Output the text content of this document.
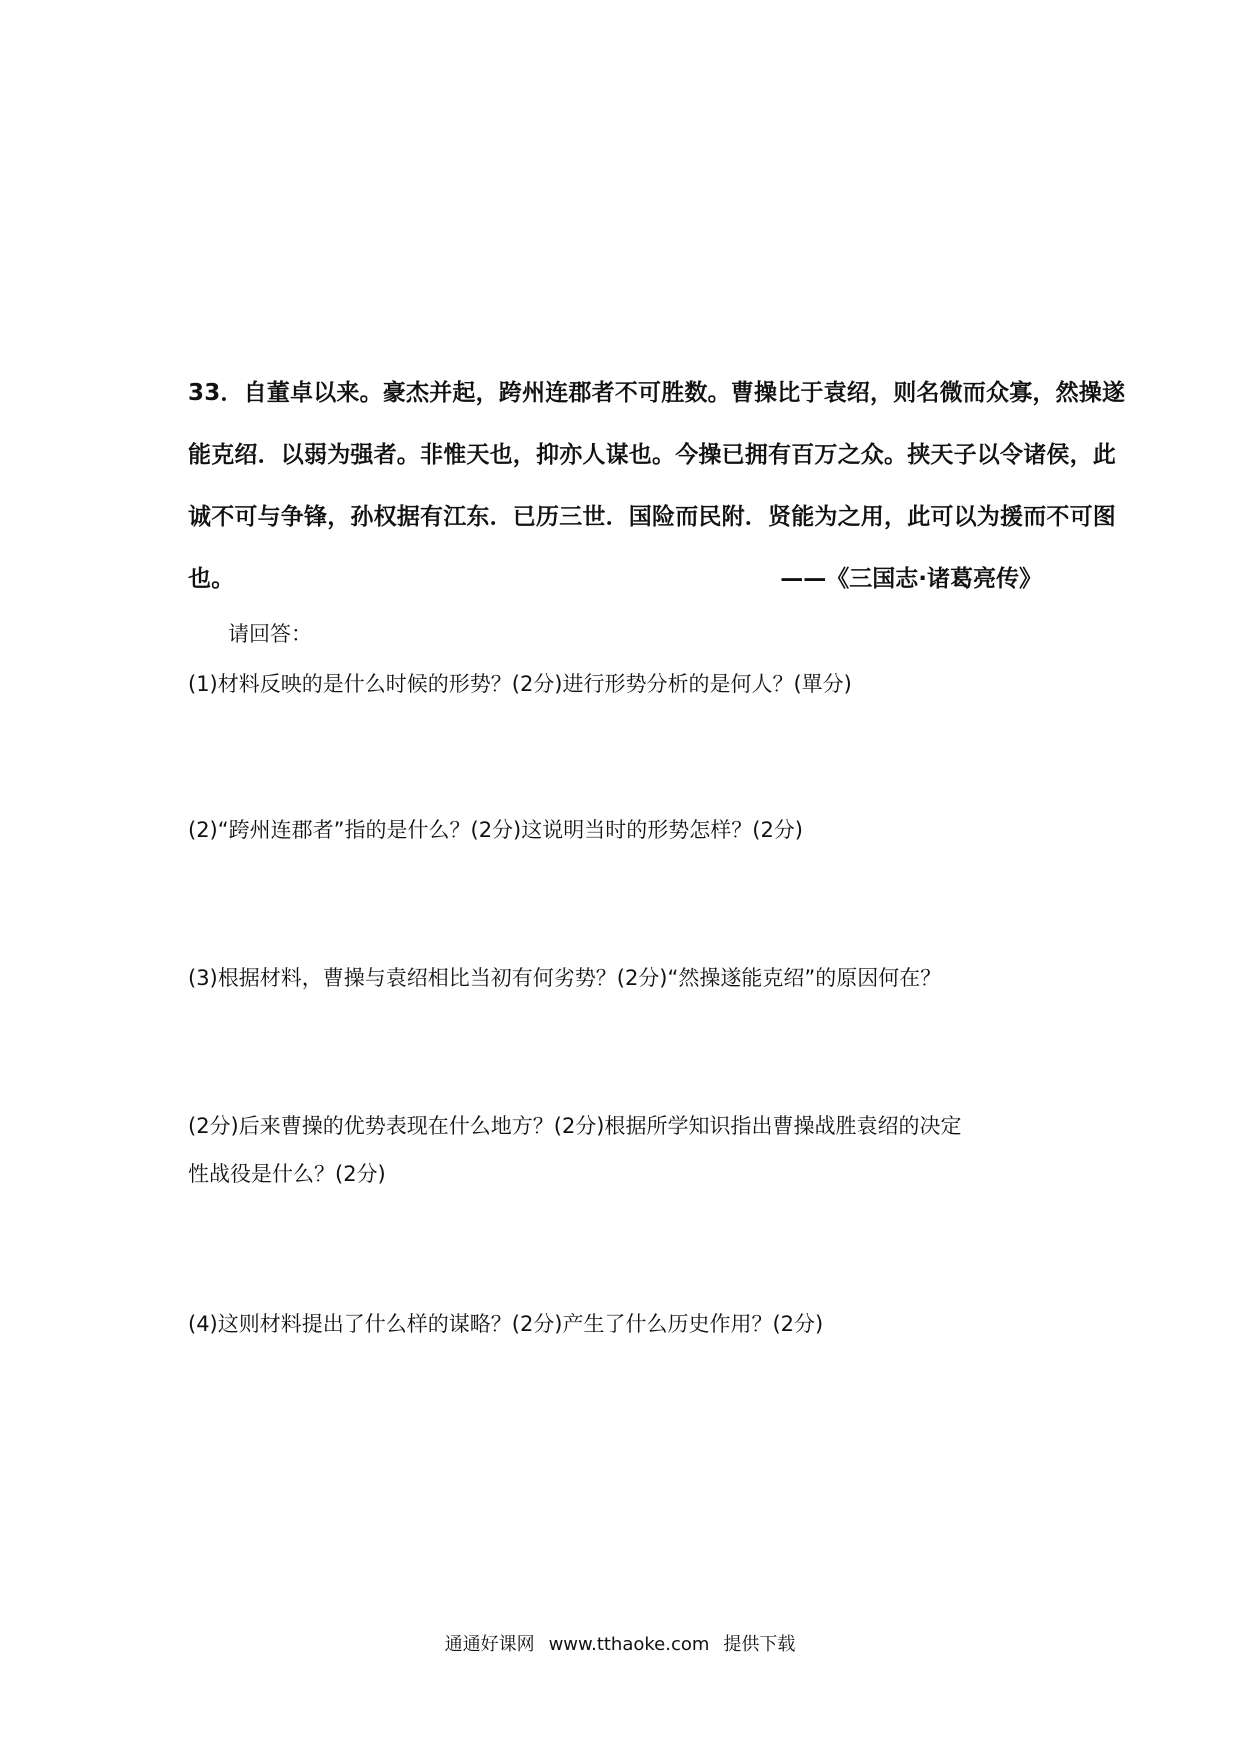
33．自董卓以来。豪杰并起，跨州连郡者不可胜数。曹操比于袁绍，则名微而众寡，然操遂
能克绍．以弱为强者。非惟天也，抑亦人谋也。今操已拥有百万之众。挟天子以令诸侯，此
诚不可与争锋，孙权据有江东．已历三世．国险而民附．贤能为之用，此可以为援而不可图
也。	——《三国志·诸葛亮传》
请回答：
(1)材料反映的是什么时候的形势？(2分)进行形势分析的是何人？(單分)
(2)“跨州连郡者”指的是什么？(2分)这说明当时的形势怎样？(2分)
(3)根据材料，曹操与袁绍相比当初有何劣势？(2分)“然操遂能克绍”的原因何在？
(2分)后来曹操的优势表现在什么地方？(2分)根据所学知识指出曹操战胜袁绍的决定
性战役是什么？(2分)
(4)这则材料提出了什么样的谋略？(2分)产生了什么历史作用？(2分)
通通好课网 www.tthaoke.com 提供下载
